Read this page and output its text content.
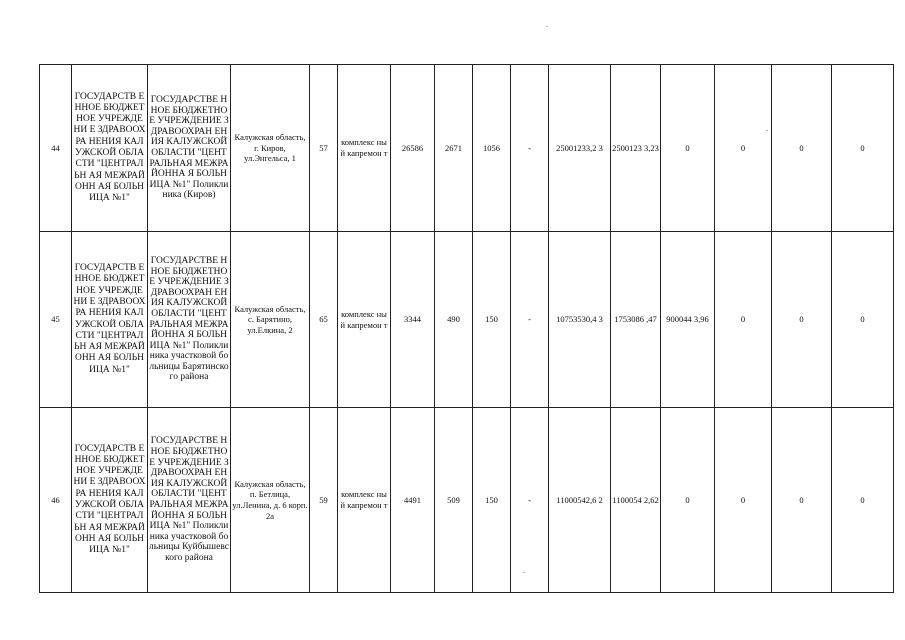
44	ГОСУДАРСТВ ЕННОЕ БЮДЖЕТНОЕ УЧРЕЖДЕНИ Е ЗДРАВООХРА НЕНИЯ КАЛУЖСКОЙ ОБЛАСТИ "ЦЕНТРАЛЬН АЯ МЕЖРАЙОНН АЯ БОЛЬНИЦА №1"	ГОСУДАРСТВЕ ННОЕ БЮДЖЕТНОЕ УЧРЕЖДЕНИЕ ЗДРАВООХРАН ЕНИЯ КАЛУЖСКОЙ ОБЛАСТИ "ЦЕНТРАЛЬНАЯ МЕЖРАЙОННА Я БОЛЬНИЦА №1" Поликлиника (Киров)	Калужская область, г. Киров, ул.Энгельса, 1	57	комплекс ный капремон т	26586	2671	1056	-	25001233,2 3	2500123 3,23	0	0	0	0
45	ГОСУДАРСТВ ЕННОЕ БЮДЖЕТНОЕ УЧРЕЖДЕНИ Е ЗДРАВООХРА НЕНИЯ КАЛУЖСКОЙ ОБЛАСТИ "ЦЕНТРАЛЬН АЯ МЕЖРАЙОНН АЯ БОЛЬНИЦА №1"	ГОСУДАРСТВЕ ННОЕ БЮДЖЕТНОЕ УЧРЕЖДЕНИЕ ЗДРАВООХРАН ЕНИЯ КАЛУЖСКОЙ ОБЛАСТИ "ЦЕНТРАЛЬНАЯ МЕЖРАЙОННА Я БОЛЬНИЦА №1" Поликлиника участковой больницы Барятинского района	Калужская область, с. Барятино, ул.Елкина, 2	65	комплекс ный капремон т	3344	490	150	-	10753530,4 3	1753086 ,47	900044 3,96	0	0	0
46	ГОСУДАРСТВ ЕННОЕ БЮДЖЕТНОЕ УЧРЕЖДЕНИ Е ЗДРАВООХРА НЕНИЯ КАЛУЖСКОЙ ОБЛАСТИ "ЦЕНТРАЛЬН АЯ МЕЖРАЙОНН АЯ БОЛЬНИЦА №1"	ГОСУДАРСТВЕ ННОЕ БЮДЖЕТНОЕ УЧРЕЖДЕНИЕ ЗДРАВООХРАН ЕНИЯ КАЛУЖСКОЙ ОБЛАСТИ "ЦЕНТРАЛЬНАЯ МЕЖРАЙОННА Я БОЛЬНИЦА №1" Поликлиника участковой больницы Куйбышевского района	Калужская область, п. Бетлица, ул.Ленина, д. 6 корп. 2а	59	комплекс ный капремон т	4491	509	150	-	11000542,6 2	1100054 2,62	0	0	0	0
